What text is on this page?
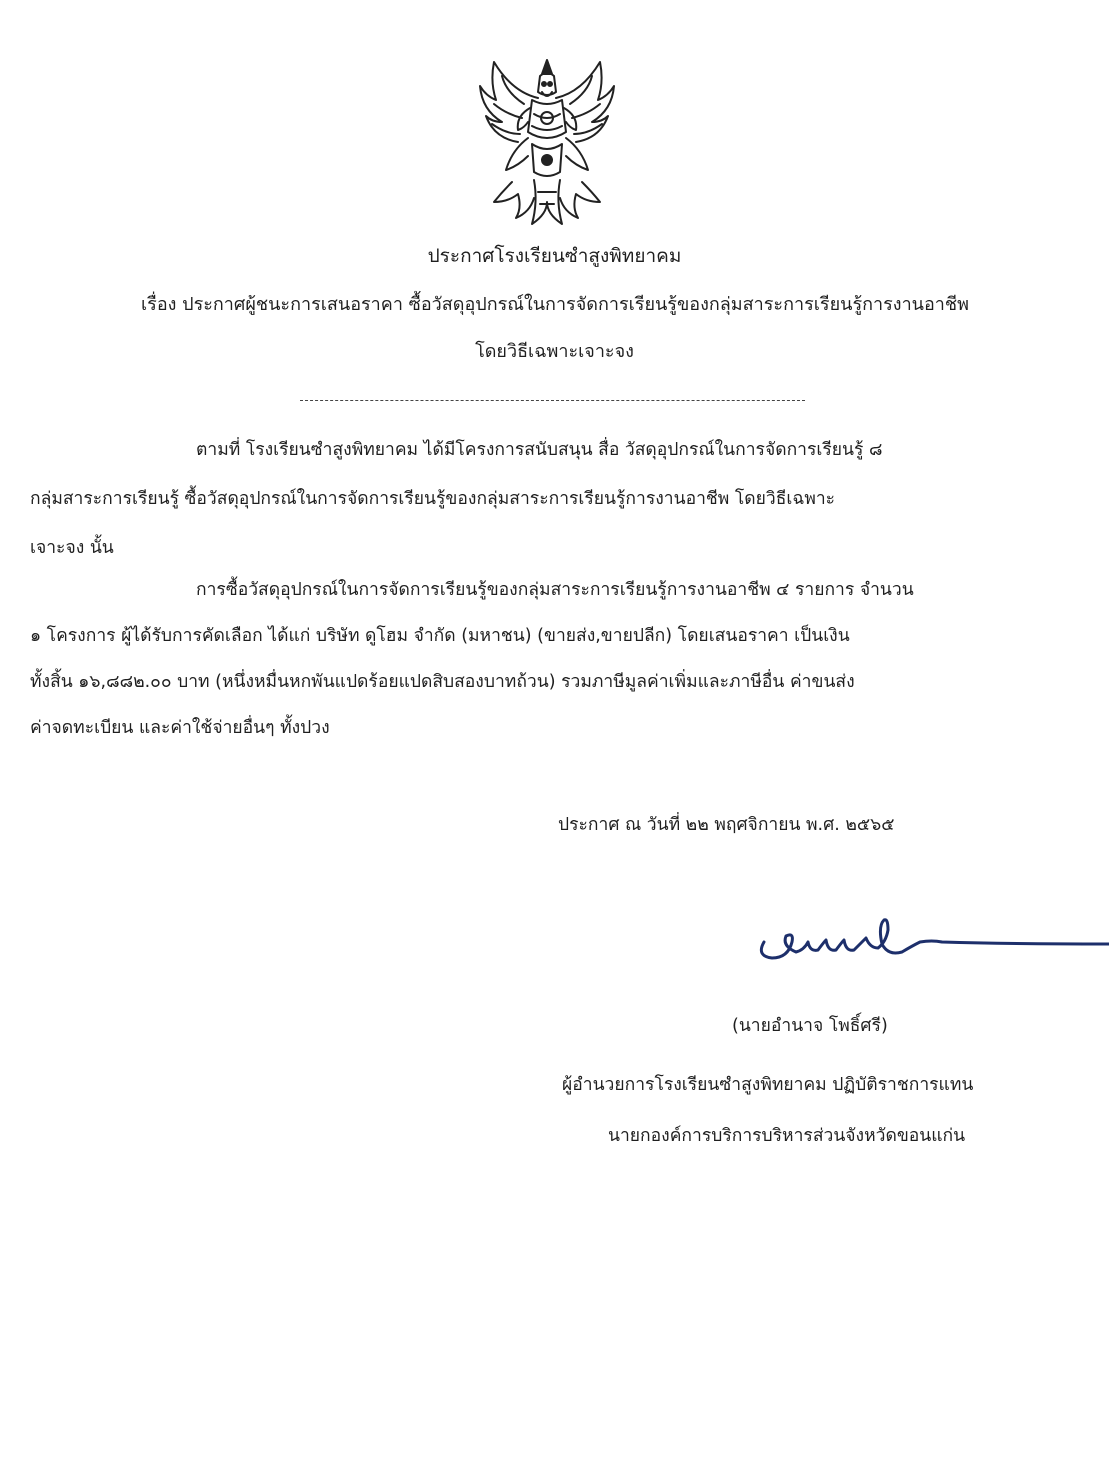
ประกาศโรงเรียนซำสูงพิทยาคม
เรื่อง ประกาศผู้ชนะการเสนอราคา ซื้อวัสดุอุปกรณ์ในการจัดการเรียนรู้ของกลุ่มสาระการเรียนรู้การงานอาชีพ
โดยวิธีเฉพาะเจาะจง
ตามที่ โรงเรียนซำสูงพิทยาคม ได้มีโครงการสนับสนุน สื่อ วัสดุอุปกรณ์ในการจัดการเรียนรู้ ๘
กลุ่มสาระการเรียนรู้ ซื้อวัสดุอุปกรณ์ในการจัดการเรียนรู้ของกลุ่มสาระการเรียนรู้การงานอาชีพ โดยวิธีเฉพาะ
เจาะจง นั้น
การซื้อวัสดุอุปกรณ์ในการจัดการเรียนรู้ของกลุ่มสาระการเรียนรู้การงานอาชีพ ๔ รายการ จำนวน
๑ โครงการ ผู้ได้รับการคัดเลือก ได้แก่ บริษัท ดูโฮม จำกัด (มหาชน) (ขายส่ง,ขายปลีก) โดยเสนอราคา เป็นเงิน
ทั้งสิ้น ๑๖,๘๘๒.๐๐ บาท (หนึ่งหมื่นหกพันแปดร้อยแปดสิบสองบาทถ้วน) รวมภาษีมูลค่าเพิ่มและภาษีอื่น ค่าขนส่ง
ค่าจดทะเบียน และค่าใช้จ่ายอื่นๆ ทั้งปวง
ประกาศ ณ วันที่ ๒๒ พฤศจิกายน พ.ศ. ๒๕๖๕
(นายอำนาจ โพธิ์ศรี)
ผู้อำนวยการโรงเรียนซำสูงพิทยาคม ปฏิบัติราชการแทน
นายกองค์การบริการบริหารส่วนจังหวัดขอนแก่น
